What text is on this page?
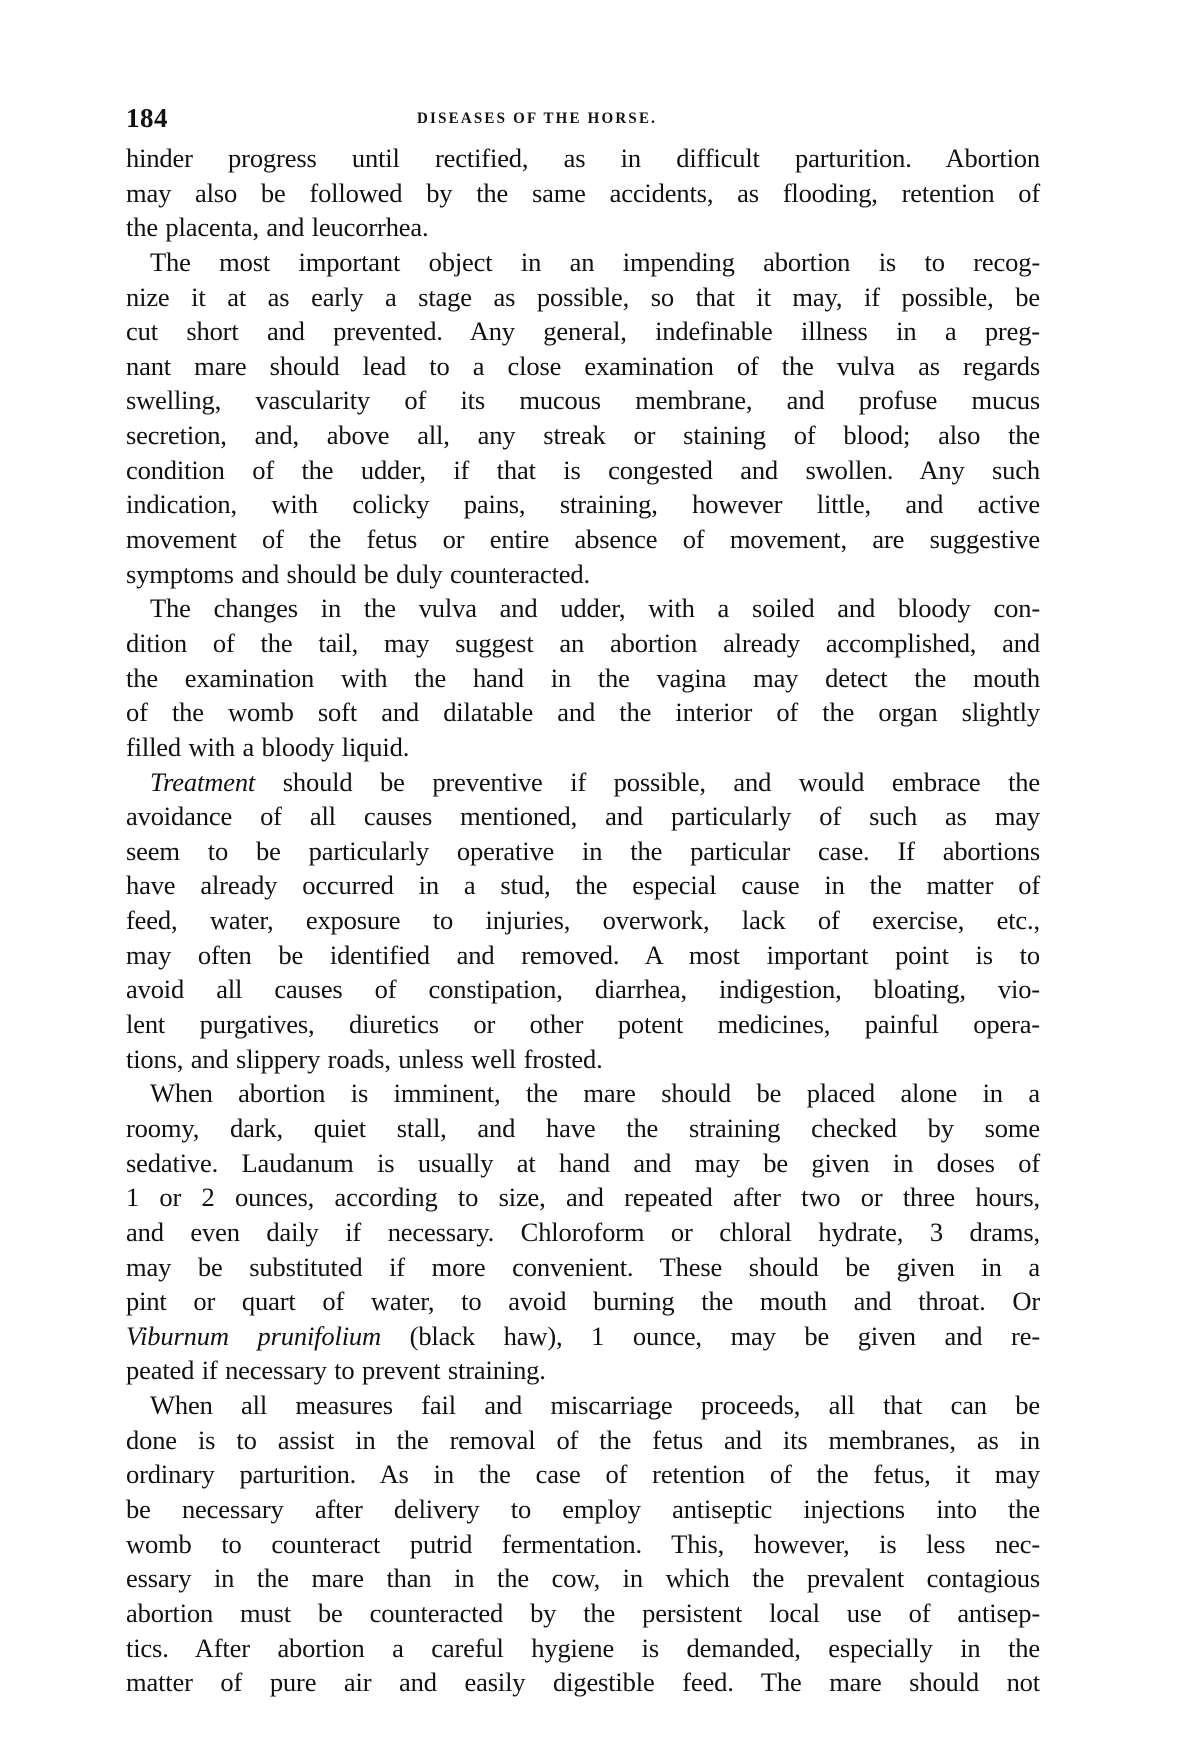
184	DISEASES OF THE HORSE.
hinder progress until rectified, as in difficult parturition. Abortion
may also be followed by the same accidents, as flooding, retention of
the placenta, and leucorrhea.
The most important object in an impending abortion is to recog-
nize it at as early a stage as possible, so that it may, if possible, be
cut short and prevented. Any general, indefinable illness in a preg-
nant mare should lead to a close examination of the vulva as regards
swelling, vascularity of its mucous membrane, and profuse mucus
secretion, and, above all, any streak or staining of blood; also the
condition of the udder, if that is congested and swollen. Any such
indication, with colicky pains, straining, however little, and active
movement of the fetus or entire absence of movement, are suggestive
symptoms and should be duly counteracted.
The changes in the vulva and udder, with a soiled and bloody con-
dition of the tail, may suggest an abortion already accomplished, and
the examination with the hand in the vagina may detect the mouth
of the womb soft and dilatable and the interior of the organ slightly
filled with a bloody liquid.
Treatment should be preventive if possible, and would embrace the
avoidance of all causes mentioned, and particularly of such as may
seem to be particularly operative in the particular case. If abortions
have already occurred in a stud, the especial cause in the matter of
feed, water, exposure to injuries, overwork, lack of exercise, etc.,
may often be identified and removed. A most important point is to
avoid all causes of constipation, diarrhea, indigestion, bloating, vio-
lent purgatives, diuretics or other potent medicines, painful opera-
tions, and slippery roads, unless well frosted.
When abortion is imminent, the mare should be placed alone in a
roomy, dark, quiet stall, and have the straining checked by some
sedative. Laudanum is usually at hand and may be given in doses of
1 or 2 ounces, according to size, and repeated after two or three hours,
and even daily if necessary. Chloroform or chloral hydrate, 3 drams,
may be substituted if more convenient. These should be given in a
pint or quart of water, to avoid burning the mouth and throat. Or
Viburnum prunifolium (black haw), 1 ounce, may be given and re-
peated if necessary to prevent straining.
When all measures fail and miscarriage proceeds, all that can be
done is to assist in the removal of the fetus and its membranes, as in
ordinary parturition. As in the case of retention of the fetus, it may
be necessary after delivery to employ antiseptic injections into the
womb to counteract putrid fermentation. This, however, is less nec-
essary in the mare than in the cow, in which the prevalent contagious
abortion must be counteracted by the persistent local use of antisep-
tics. After abortion a careful hygiene is demanded, especially in the
matter of pure air and easily digestible feed. The mare should not
